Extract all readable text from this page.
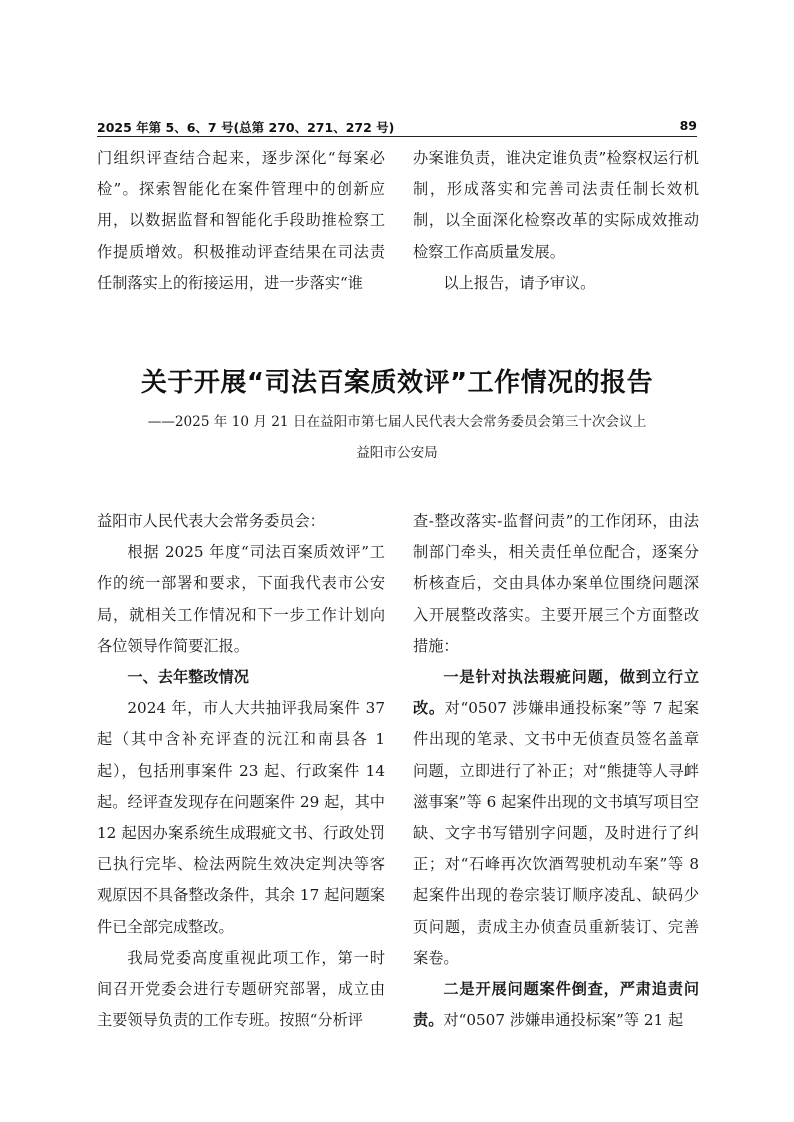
2025 年第 5、6、7 号(总第 270、271、272 号)	89

门组织评查结合起来，逐步深化“每案必检”。探索智能化在案件管理中的创新应用，以数据监督和智能化手段助推检察工作提质增效。积极推动评查结果在司法责任制落实上的衔接运用，进一步落实“谁

办案谁负责，谁决定谁负责”检察权运行机制，形成落实和完善司法责任制长效机制，以全面深化检察改革的实际成效推动检察工作高质量发展。

以上报告，请予审议。

关于开展“司法百案质效评”工作情况的报告
——2025 年 10 月 21 日在益阳市第七届人民代表大会常务委员会第三十次会议上
益阳市公安局

益阳市人民代表大会常务委员会：

根据 2025 年度“司法百案质效评”工作的统一部署和要求，下面我代表市公安局，就相关工作情况和下一步工作计划向各位领导作简要汇报。

一、去年整改情况

2024 年，市人大共抽评我局案件 37 起（其中含补充评查的沅江和南县各 1 起），包括刑事案件 23 起、行政案件 14 起。经评查发现存在问题案件 29 起，其中 12 起因办案系统生成瑕疵文书、行政处罚已执行完毕、检法两院生效决定判决等客观原因不具备整改条件，其余 17 起问题案件已全部完成整改。

我局党委高度重视此项工作，第一时间召开党委会进行专题研究部署，成立由主要领导负责的工作专班。按照“分析评

查-整改落实-监督问责”的工作闭环，由法制部门牵头，相关责任单位配合，逐案分析核查后，交由具体办案单位围绕问题深入开展整改落实。主要开展三个方面整改措施：

一是针对执法瑕疵问题，做到立行立改。对“0507 涉嫌串通投标案”等 7 起案件出现的笔录、文书中无侦查员签名盖章问题，立即进行了补正；对“熊捷等人寻衅滋事案”等 6 起案件出现的文书填写项目空缺、文字书写错别字问题，及时进行了纠正；对“石峰再次饮酒驾驶机动车案”等 8 起案件出现的卷宗装订顺序凌乱、缺码少页问题，责成主办侦查员重新装订、完善案卷。

二是开展问题案件倒查，严肃追责问责。对“0507 涉嫌串通投标案”等 21 起
